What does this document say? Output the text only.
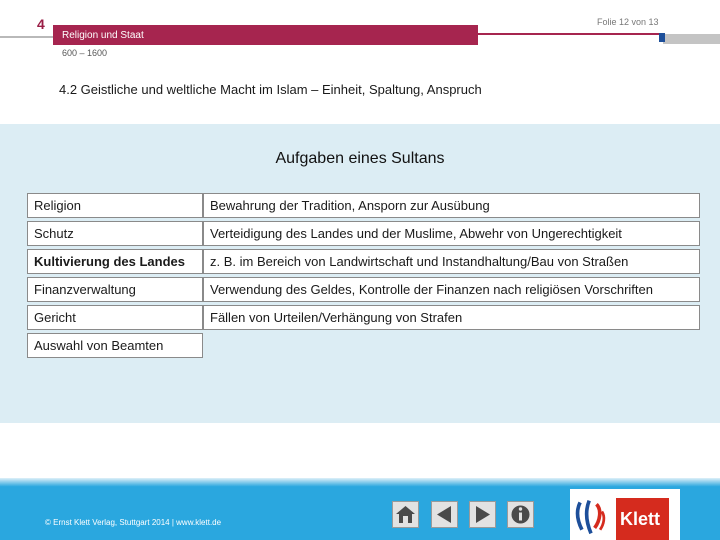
4	Folie 12 von 13
Religion und Staat
600 – 1600
4.2 Geistliche und weltliche Macht im Islam – Einheit, Spaltung, Anspruch
Aufgaben eines Sultans
Religion	Bewahrung der Tradition, Ansporn zur Ausübung
Schutz	Verteidigung des Landes und der Muslime, Abwehr von Ungerechtigkeit
Kultivierung des Landes	z. B. im Bereich von Landwirtschaft und Instandhaltung/Bau von Straßen
Finanzverwaltung	Verwendung des Geldes, Kontrolle der Finanzen nach religiösen Vorschriften
Gericht	Fällen von Urteilen/Verhängung von Strafen
Auswahl von Beamten
© Ernst Klett Verlag, Stuttgart 2014 | www.klett.de	Klett
